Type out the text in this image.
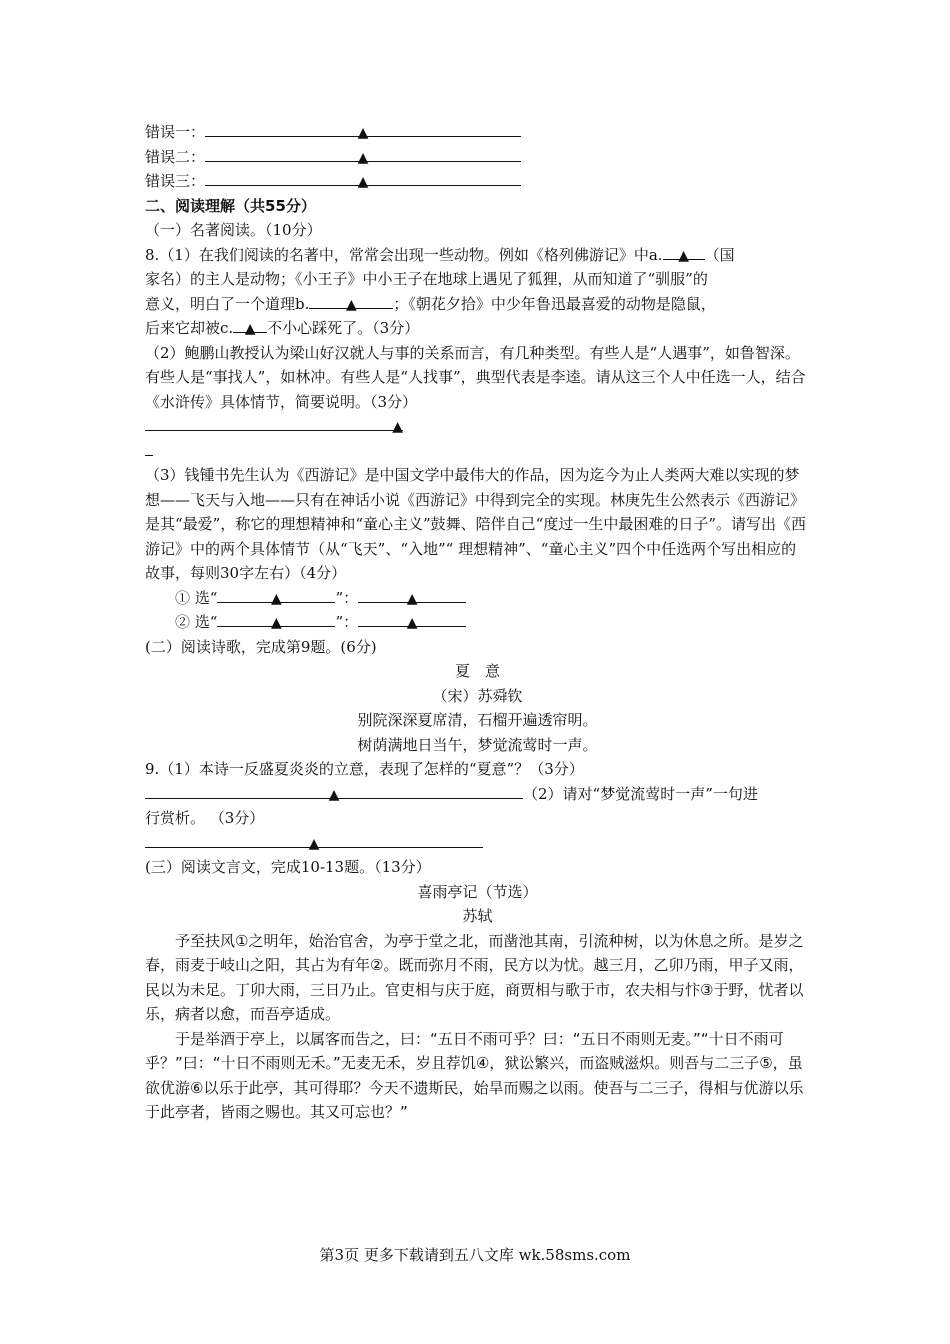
错误一：	▲
错误二：	▲
错误三：	▲
二、阅读理解（共55分）
（一）名著阅读。（10分）
8.（1）在我们阅读的名著中，常常会出现一些动物。例如《格列佛游记》中a. ▲ （国
家名）的主人是动物；《小王子》中小王子在地球上遇见了狐狸，从而知道了“驯服”的
意义，明白了一个道理b.	▲ ；《朝花夕拾》中少年鲁迅最喜爱的动物是隐鼠，
后来它却被c. ▲ 不小心踩死了。（3分）
（2）鲍鹏山教授认为梁山好汉就人与事的关系而言，有几种类型。有些人是“人遇事”，如鲁智深。有些人是“事找人”，如林冲。有些人是“人找事”，典型代表是李逵。请从这三个人中任选一人，结合《水浒传》具体情节，简要说明。（3分）
▲
（3）钱锺书先生认为《西游记》是中国文学中最伟大的作品，因为迄今为止人类两大难以实现的梦想——飞天与入地——只有在神话小说《西游记》中得到完全的实现。林庚先生公然表示《西游记》是其“最爱”，称它的理想精神和“童心主义”鼓舞、陪伴自己“度过一生中最困难的日子”。请写出《西游记》中的两个具体情节（从“飞天”、“入地”“ 理想精神”、“童心主义”四个中任选两个写出相应的故事，每则30字左右）（4分）
① 选“	▲	”：	▲
② 选“	▲	”：	▲
(二）阅读诗歌，完成第9题。(6分)
夏　意
（宋）苏舜钦
别院深深夏席清，石榴开遍透帘明。
树荫满地日当午，梦觉流莺时一声。
9.（1）本诗一反盛夏炎炎的立意，表现了怎样的“夏意”？（3分）
▲	（2）请对“梦觉流莺时一声”一句进
行赏析。 （3分）
▲
(三）阅读文言文，完成10-13题。（13分）
喜雨亭记（节选）
苏轼
予至扶风①之明年，始治官舍，为亭于堂之北，而凿池其南，引流种树，以为休息之所。是岁之春，雨麦于岐山之阳，其占为有年②。既而弥月不雨，民方以为忧。越三月，乙卯乃雨，甲子又雨，民以为未足。丁卯大雨，三日乃止。官吏相与庆于庭，商贾相与歌于市，农夫相与忭③于野，忧者以乐，病者以愈，而吾亭适成。
于是举酒于亭上，以属客而告之，曰：“五日不雨可乎？曰：“五日不雨则无麦。”“十日不雨可乎？”曰：“十日不雨则无禾。”无麦无禾，岁且荐饥④，狱讼繁兴，而盗贼滋炽。则吾与二三子⑤，虽欲优游⑥以乐于此亭，其可得耶？今天不遗斯民，始旱而赐之以雨。使吾与二三子，得相与优游以乐于此亭者，皆雨之赐也。其又可忘也？”
第3页 更多下载请到五八文库 wk.58sms.com
